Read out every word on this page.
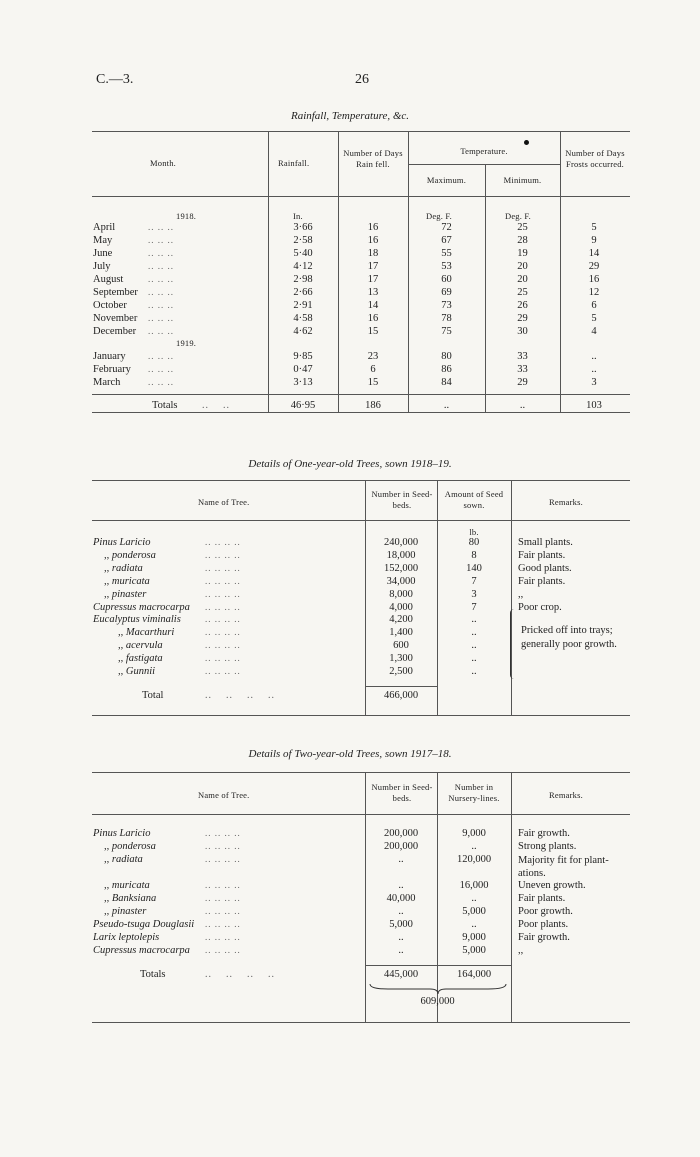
C.—3.	26
Rainfall, Temperature, &c.
Month.	Rainfall.
Number of Days Rain fell.
Temperature.
Maximum.	Minimum.
Number of Days Frosts occurred.
In.	Deg. F.	Deg. F.
1918.
1919.
April	.. .. ..	3·66	16	72	25	5
May	.. .. ..	2·58	16	67	28	9
June	.. .. ..	5·40	18	55	19	14
July	.. .. ..	4·12	17	53	20	29
August	.. .. ..	2·98	17	60	20	16
September .. .. ..	2·66	13	69	25	12
October .. .. ..	2·91	14	73	26	6
November .. .. ..	4·58	16	78	29	5
December .. .. ..	4·62	15	75	30	4
January .. .. ..	9·85	23	80	33	..
February .. .. ..	0·47	6	86	33	..
March	.. .. ..	3·13	15	84	29	3
Totals ..    ..	46·95	186	..	..	103
Details of One-year-old Trees, sown 1918–19.
Name of Tree.
Number in Seed-beds.
Amount of Seed sown.	Remarks.
lb.
Pinus Laricio	.. .. .. ..	240,000	80	Small plants.
,, ponderosa	.. .. .. ..	18,000	8	Fair plants.
,, radiata	.. .. .. ..	152,000	140	Good plants.
,, muricata	.. .. .. ..	34,000	7	Fair plants.
,, pinaster	.. .. .. ..	8,000	3	,,
Cupressus macrocarpa .. .. .. ..	4,000	7	Poor crop.
Eucalyptus viminalis	.. .. .. ..	4,200	..
,, Macarthuri	.. .. .. ..	1,400	..
,, acervula	.. .. .. ..	600	..
,, fastigata	.. .. .. ..	1,300	..
,, Gunnii	.. .. .. ..	2,500	..
Pricked off into trays; generally poor growth.
Total	..    ..    ..    ..	466,000
Details of Two-year-old Trees, sown 1917–18.
Name of Tree.
Number in Seed-beds.
Number in Nursery-lines.	Remarks.
Pinus Laricio	.. .. .. ..	200,000	9,000	Fair growth.
,, ponderosa	.. .. .. ..	200,000	..	Strong plants.
,, radiata	.. .. .. ..	..	120,000	Majority fit for plant-ations.
,, muricata	.. .. .. ..	..	16,000	Uneven growth.
,, Banksiana	.. .. .. ..	40,000	..	Fair plants.
,, pinaster	.. .. .. ..	..	5,000	Poor growth.
Pseudo-tsuga Douglasii .. .. .. ..	5,000	..	Poor plants.
Larix leptolepis	.. .. .. ..	..	9,000	Fair growth.
Cupressus macrocarpa .. .. .. ..	..	5,000	,,
Totals	..    ..    ..    ..	445,000	164,000
609,000
